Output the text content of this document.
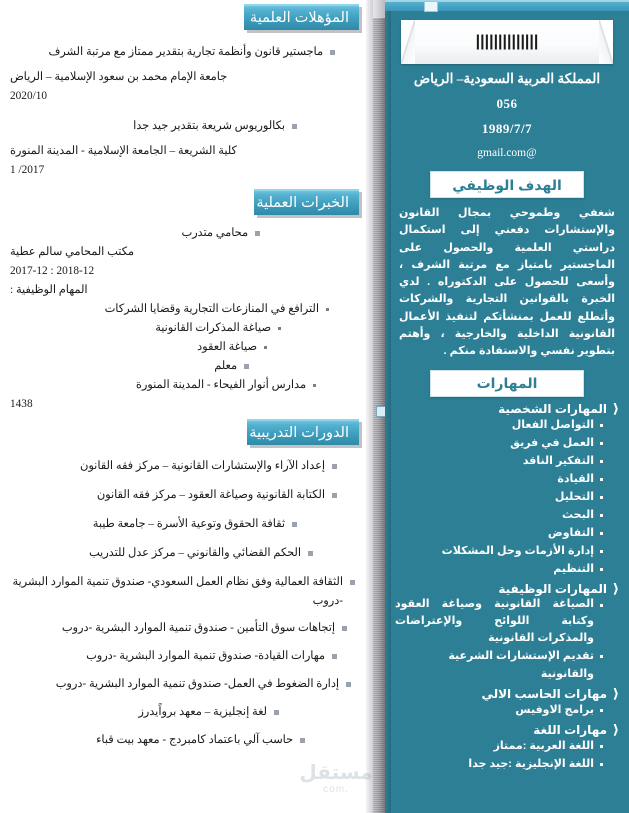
المؤهلات العلمية
ماجستير قانون وأنظمة تجارية بتقدير ممتاز مع مرتبة الشرف
جامعة الإمام محمد بن سعود الإسلامية – الرياض
2020/10
بكالوريوس شريعة بتقدير جيد جدا
كلية الشريعة – الجامعة الإسلامية - المدينة المنورة
2017/ 1
الخبرات العملية
محامي متدرب
مكتب المحامي سالم عطية
2018-12 : 2017-12
المهام الوظيفية :
الترافع في المنازعات التجارية وقضايا الشركات
صياغة المذكرات القانونية
صياغة العقود
معلم
مدارس أنوار الفيحاء - المدينة المنورة
1438
الدورات التدريبية
إعداد الآراء والإستشارات القانونية – مركز فقه القانون
الكتابة القانونية وصياغة العقود – مركز فقه القانون
ثقافة الحقوق وتوعية الأسرة – جامعة طيبة
الحكم القضائي والقانوني – مركز عدل للتدريب
الثقافة العمالية وفق نظام العمل السعودي- صندوق تنمية الموارد البشرية -دروب
إتجاهات سوق التأمين - صندوق تنمية الموارد البشرية -دروب
مهارات القيادة- صندوق تنمية الموارد البشرية -دروب
إدارة الضغوط في العمل- صندوق تنمية الموارد البشرية -دروب
لغة إنجليزية – معهد برواًيدرز
حاسب آلي باعتماد كامبردج - معهد بيت قباء
||||||||||||||
المملكة العربية السعودية– الرياض
056
1989/7/7
@gmail.com
الهدف الوظيفي
شغفي وطموحي بمجال القانون والإستشارات دفعني إلى استكمال دراستي العلمية والحصول على الماجستير بامتياز مع مرتبة الشرف ، وأسعى للحصول على الدكتوراه . لدي الخبرة بالقوانين التجارية والشركات وأتطلع للعمل بمنشأتكم لتنفيذ الأعمال القانونية الداخلية والخارجية ، وأهتم بتطوير نفسي والاستفادة منكم .
المهارات
⟨
المهارات الشخصية
التواصل الفعال
العمل في فريق
التفكير الناقد
القيادة
التحليل
البحث
التفاوض
إدارة الأزمات وحل المشكلات
التنظيم
⟨
المهارات الوظيفية
الصياغة القانونية وصياغة العقود وكتابة اللوائح والإعتراضات والمذكرات القانونية
تقديم الإستشارات الشرعية والقانونية
⟨
مهارات الحاسب الالي
برامج الاوفيس
⟨
مهارات اللغة
اللغة العربية :ممتاز
اللغة الإنجليزية :جيد جدا
مستقل
.com
